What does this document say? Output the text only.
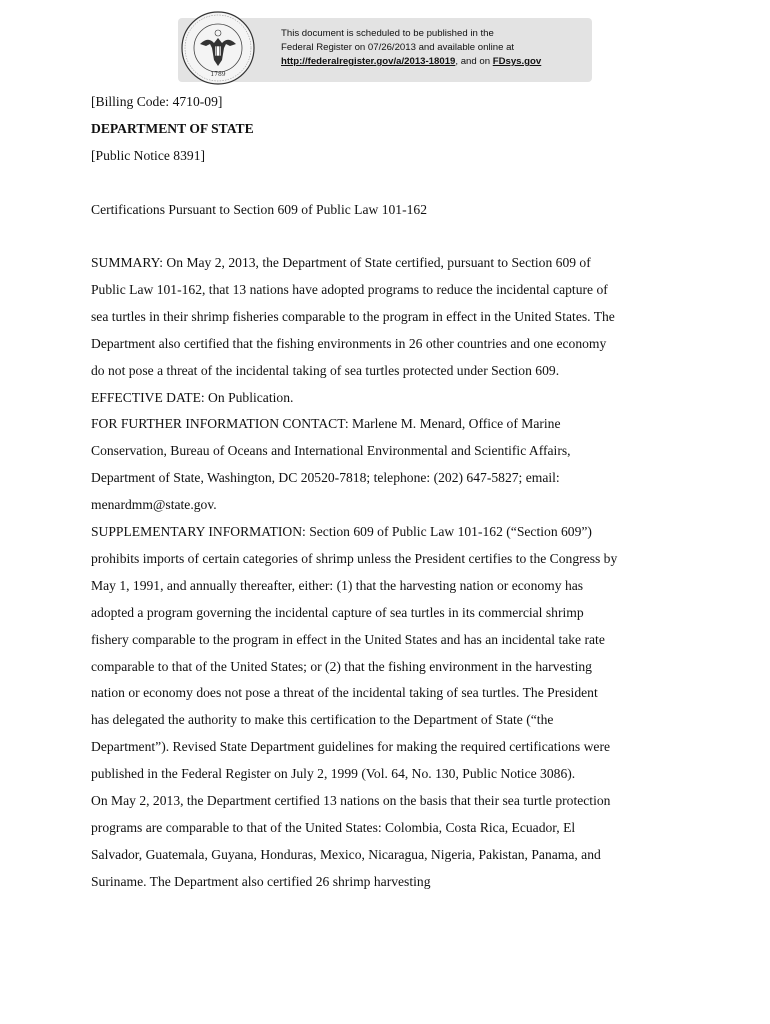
1789
This document is scheduled to be published in the
Federal Register on 07/26/2013 and available online at
http://federalregister.gov/a/2013-18019, and on FDsys.gov
[Billing Code: 4710-09]
DEPARTMENT OF STATE
[Public Notice 8391]
Certifications Pursuant to Section 609 of Public Law 101-162
SUMMARY: On May 2, 2013, the Department of State certified, pursuant to Section 609 of
Public Law 101-162, that 13 nations have adopted programs to reduce the incidental capture of
sea turtles in their shrimp fisheries comparable to the program in effect in the United States. The
Department also certified that the fishing environments in 26 other countries and one economy
do not pose a threat of the incidental taking of sea turtles protected under Section 609.
EFFECTIVE DATE: On Publication.
FOR FURTHER INFORMATION CONTACT: Marlene M. Menard, Office of Marine
Conservation, Bureau of Oceans and International Environmental and Scientific Affairs,
Department of State, Washington, DC 20520-7818; telephone: (202) 647-5827; email:
menardmm@state.gov.
SUPPLEMENTARY INFORMATION: Section 609 of Public Law 101-162 (“Section 609”)
prohibits imports of certain categories of shrimp unless the President certifies to the Congress by
May 1, 1991, and annually thereafter, either: (1) that the harvesting nation or economy has
adopted a program governing the incidental capture of sea turtles in its commercial shrimp
fishery comparable to the program in effect in the United States and has an incidental take rate
comparable to that of the United States; or (2) that the fishing environment in the harvesting
nation or economy does not pose a threat of the incidental taking of sea turtles. The President
has delegated the authority to make this certification to the Department of State (“the
Department”). Revised State Department guidelines for making the required certifications were
published in the Federal Register on July 2, 1999 (Vol. 64, No. 130, Public Notice 3086).
On May 2, 2013, the Department certified 13 nations on the basis that their sea turtle protection
programs are comparable to that of the United States: Colombia, Costa Rica, Ecuador, El
Salvador, Guatemala, Guyana, Honduras, Mexico, Nicaragua, Nigeria, Pakistan, Panama, and
Suriname. The Department also certified 26 shrimp harvesting
